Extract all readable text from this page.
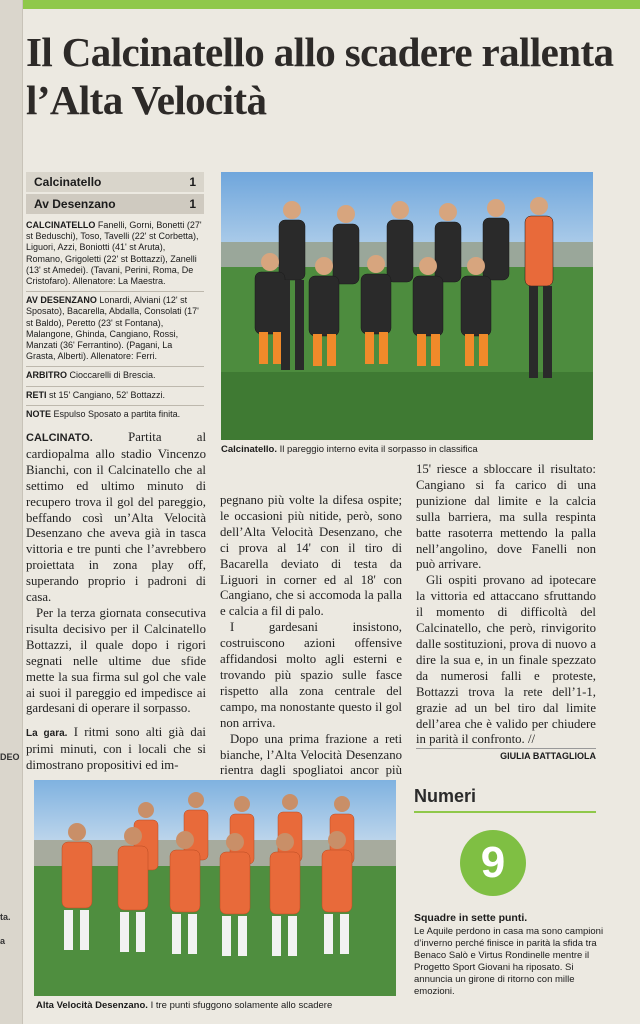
DEO
ta.
a
Il Calcinatello allo scadere rallenta l’Alta Velocità
Calcinatello	1
Av Desenzano	1

CALCINATELLO Fanelli, Gorni, Bonetti (27' st Beduschi), Toso, Tavelli (22' st Corbetta), Liguori, Azzi, Boniotti (41' st Aruta), Romano, Grigoletti (22' st Bottazzi), Zanelli (13' st Amedei). (Tavani, Perini, Roma, De Cristofaro). Allenatore: La Maestra.

AV DESENZANO Lonardi, Alviani (12' st Sposato), Bacarella, Abdalla, Consolati (17' st Baldo), Peretto (23' st Fontana), Malangone, Ghinda, Cangiano, Rossi, Manzati (36' Ferrantino). (Pagani, La Grasta, Alberti). Allenatore: Ferri.

ARBITRO Cioccarelli di Brescia.

RETI st 15' Cangiano, 52' Bottazzi.

NOTE Espulso Sposato a partita finita.

Calcinatello. Il pareggio interno evita il sorpasso in classifica

CALCINATO.	Partita al cardiopalma allo stadio Vincenzo Bianchi, con il Calcinatello che al settimo ed ultimo minuto di recupero trova il gol del pareggio, beffando così un’Alta Velocità Desenzano che aveva già in tasca vittoria e tre punti che l’avrebbero proiettata in zona play off, superando proprio i padroni di casa.

Per la terza giornata consecutiva risulta decisivo per il Calcinatello Bottazzi, il quale dopo i rigori segnati nelle ultime due sfide mette la sua firma sul gol che vale ai suoi il pareggio ed impedisce ai gardesani di operare il sorpasso.

La gara. I ritmi sono alti già dai primi minuti, con i locali che si dimostrano propositivi ed im-

pegnano più volte la difesa ospite; le occasioni più nitide, però, sono dell’Alta Velocità Desenzano, che ci prova al 14' con il tiro di Bacarella deviato di testa da Liguori in corner ed al 18' con Cangiano, che si accomoda la palla e calcia a fil di palo.

I gardesani insistono, costruiscono azioni offensive affidandosi molto agli esterni e trovando più spazio sulle fasce rispetto alla zona centrale del campo, ma nonostante questo il gol non arriva.

Dopo una prima frazione a reti bianche, l’Alta Velocità Desenzano rientra dagli spogliatoi ancor più

15' riesce a sbloccare il risultato: Cangiano si fa carico di una punizione dal limite e la calcia sulla barriera, ma sulla respinta batte rasoterra mettendo la palla nell’angolino, dove Fanelli non può arrivare.

Gli ospiti provano ad ipotecare la vittoria ed attaccano sfruttando il momento di difficoltà del Calcinatello, che però, rinvigorito dalle sostituzioni, prova di nuovo a dire la sua e, in un finale spezzato da numerosi falli e proteste, Bottazzi trova la rete dell’1-1, grazie ad un bel tiro dal limite dell’area che è valido per chiudere in parità il confronto. //

GIULIA BATTAGLIOLA
Alta Velocità Desenzano. I tre punti sfuggono solamente allo scadere
Numeri
9
Squadre in sette punti.
Le Aquile perdono in casa ma sono campioni d’inverno perché finisce in parità la sfida tra Benaco Salò e Virtus Rondinelle mentre il Progetto Sport Giovani ha riposato. Si annuncia un girone di ritorno con mille emozioni.
